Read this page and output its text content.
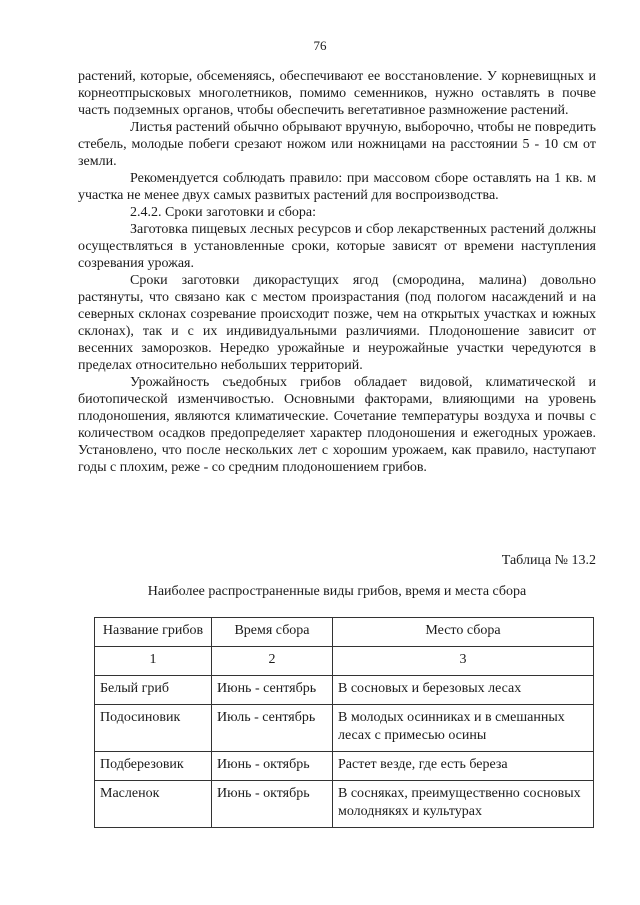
76

растений, которые, обсеменяясь, обеспечивают ее восстановление. У корневищных и корнеотпрысковых многолетников, помимо семенников, нужно оставлять в почве часть подземных органов, чтобы обеспечить вегетативное размножение растений.

Листья растений обычно обрывают вручную, выборочно, чтобы не повредить стебель, молодые побеги срезают ножом или ножницами на расстоянии 5 - 10 см от земли.

Рекомендуется соблюдать правило: при массовом сборе оставлять на 1 кв. м участка не менее двух самых развитых растений для воспроизводства.

2.4.2. Сроки заготовки и сбора:

Заготовка пищевых лесных ресурсов и сбор лекарственных растений должны осуществляться в установленные сроки, которые зависят от времени наступления созревания урожая.

Сроки заготовки дикорастущих ягод (смородина, малина) довольно растянуты, что связано как с местом произрастания (под пологом насаждений и на северных склонах созревание происходит позже, чем на открытых участках и южных склонах), так и с их индивидуальными различиями. Плодоношение зависит от весенних заморозков. Нередко урожайные и неурожайные участки чередуются в пределах относительно небольших территорий.

Урожайность съедобных грибов обладает видовой, климатической и биотопической изменчивостью. Основными факторами, влияющими на уровень плодоношения, являются климатические. Сочетание температуры воздуха и почвы с количеством осадков предопределяет характер плодоношения и ежегодных урожаев. Установлено, что после нескольких лет с хорошим урожаем, как правило, наступают годы с плохим, реже - со средним плодоношением грибов.

Таблица № 13.2
Наиболее распространенные виды грибов, время и места сбора
Название грибов	Время сбора	Место сбора
1	2	3
Белый гриб	Июнь - сентябрь	В сосновых и березовых лесах
Подосиновик	Июль - сентябрь	В молодых осинниках и в смешанных лесах с примесью осины
Подберезовик	Июнь - октябрь	Растет везде, где есть береза
Масленок	Июнь - октябрь	В сосняках, преимущественно сосновых молоднякях и культурах
